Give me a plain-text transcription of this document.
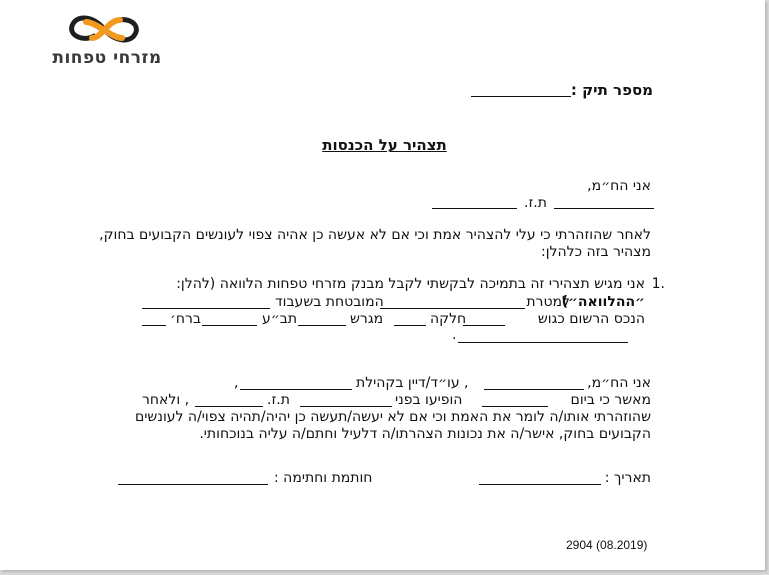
מזרחי טפחות
מספר תיק :
תצהיר על הכנסות
אני הח״מ,
ת.ז.
לאחר שהוזהרתי כי עלי להצהיר אמת וכי אם לא אעשה כן אהיה צפוי לעונשים הקבועים בחוק,
מצהיר בזה כלהלן:
1.
אני מגיש תצהירי זה בתמיכה לבקשתי לקבל מבנק מזרחי טפחות הלוואה (להלן:
״ההלוואה״)
למטרת
המובטחת בשעבוד
הנכס הרשום כגוש
חלקה
מגרש
תב״ע
ברח׳
.
אני הח״מ,
, עו״ד/דיין בקהילת
,
מאשר כי ביום
הופיעו בפני
ת.ז.
, ולאחר
שהוזהרתי אותו/ה לומר את האמת וכי אם לא יעשה/תעשה כן יהיה/תהיה צפוי/ה לעונשים
הקבועים בחוק, אישר/ה את נכונות הצהרתו/ה דלעיל וחתם/ה עליה בנוכחותי.
תאריך :
חותמת וחתימה :
2904 (08.2019)
